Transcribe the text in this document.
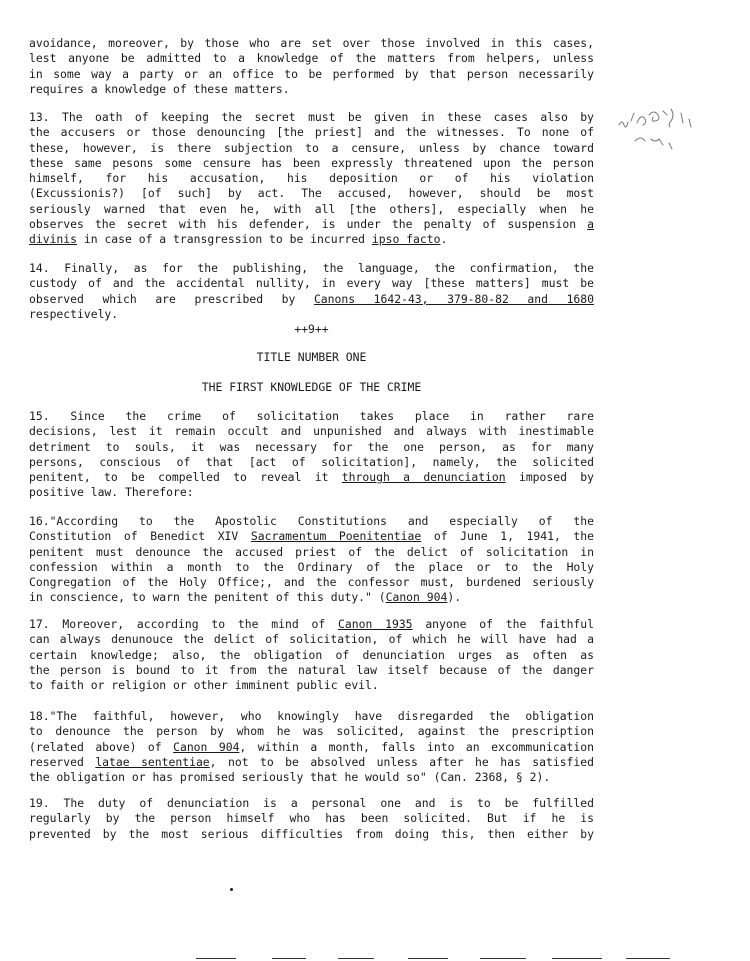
avoidance, moreover, by those who are set over those involved in this cases,
lest anyone be admitted to a knowledge of the matters from helpers, unless
in some way a party or an office to be performed by that person necessarily
requires a knowledge of these matters.

13. The oath of keeping the secret must be given in these cases also by
the accusers or those denouncing [the priest] and the witnesses. To none of
these, however, is there subjection to a censure, unless by chance toward
these same pesons some censure has been expressly threatened upon the person
himself, for his accusation, his deposition or of his violation
(Excussionis?) [of such] by act. The accused, however, should be most
seriously warned that even he, with all [the others], especially when he
observes the secret with his defender, is under the penalty of suspension a
divinis in case of a transgression to be incurred ipso facto.

14. Finally, as for the publishing, the language, the confirmation, the
custody of and the accidental nullity, in every way [these matters] must be
observed which are prescribed by Canons 1642-43, 379-80-82 and 1680
respectively.

++9++
TITLE NUMBER ONE
THE FIRST KNOWLEDGE OF THE CRIME

15. Since the crime of solicitation takes place in rather rare
decisions, lest it remain occult and unpunished and always with inestimable
detriment to souls, it was necessary for the one person, as for many
persons, conscious of that [act of solicitation], namely, the solicited
penitent, to be compelled to reveal it through a denunciation imposed by
positive law. Therefore:

16."According to the Apostolic Constitutions and especially of the
Constitution of Benedict XIV Sacramentum Poenitentiae of June 1, 1941, the
penitent must denounce the accused priest of the delict of solicitation in
confession within a month to the Ordinary of the place or to the Holy
Congregation of the Holy Office;, and the confessor must, burdened seriously
in conscience, to warn the penitent of this duty." (Canon 904).

17. Moreover, according to the mind of Canon 1935 anyone of the faithful
can always denunouce the delict of solicitation, of which he will have had a
certain knowledge; also, the obligation of denunciation urges as often as
the person is bound to it from the natural law itself because of the danger
to faith or religion or other imminent public evil.

18."The faithful, however, who knowingly have disregarded the obligation
to denounce the person by whom he was solicited, against the prescription
(related above) of Canon 904, within a month, falls into an excommunication
reserved latae sententiae, not to be absolved unless after he has satisfied
the obligation or has promised seriously that he would so" (Can. 2368, § 2).

19. The duty of denunciation is a personal one and is to be fulfilled
regularly by the person himself who has been solicited. But if he is
prevented by the most serious difficulties from doing this, then either by
